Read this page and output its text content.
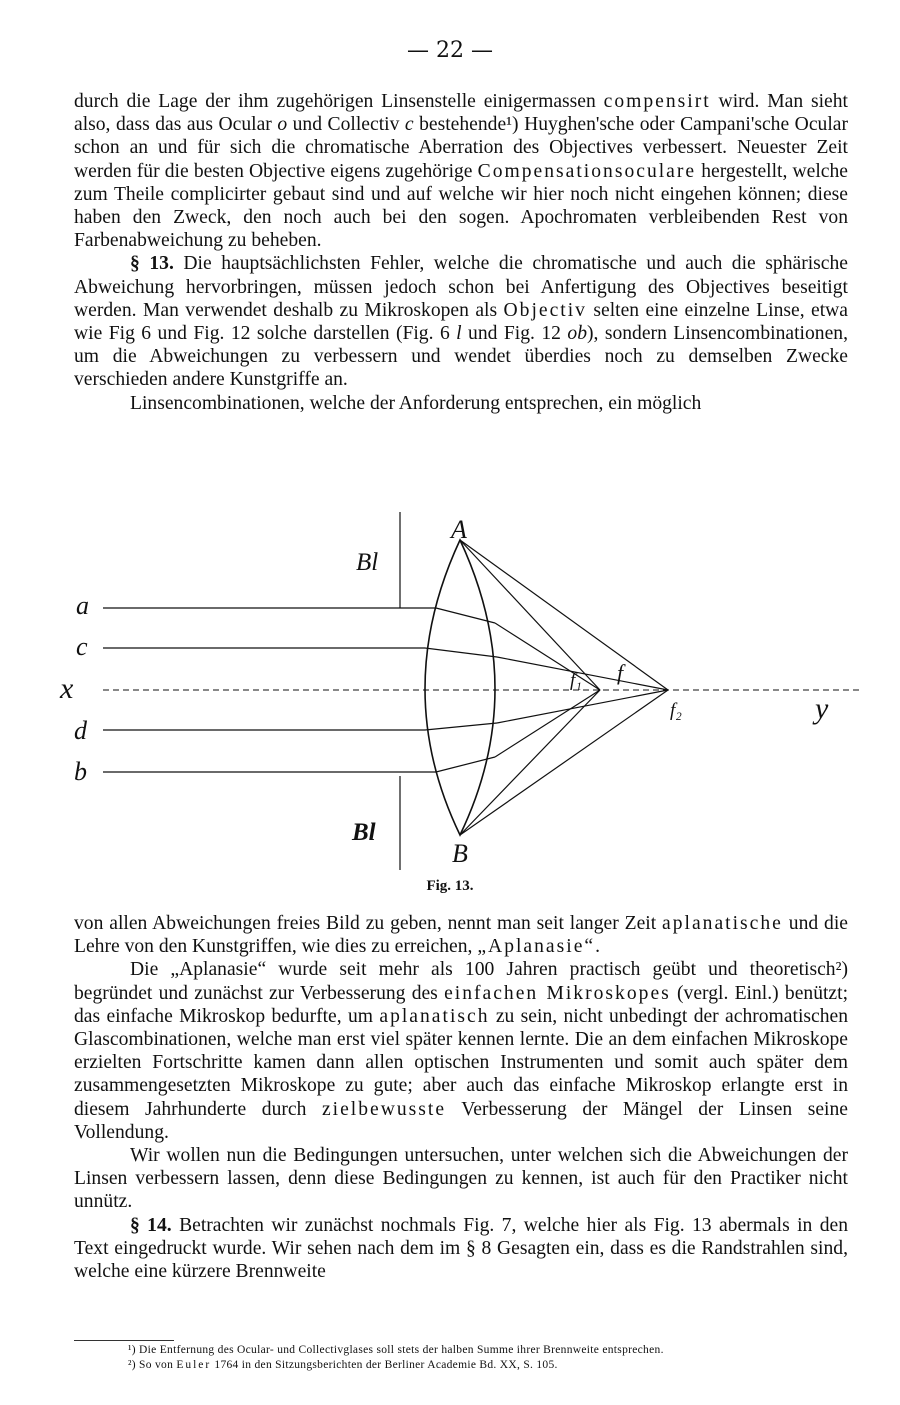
— 22 —

durch die Lage der ihm zugehörigen Linsenstelle einigermassen compensirt wird. Man sieht also, dass das aus Ocular o und Collectiv c bestehende¹) Huyghen'sche oder Campani'sche Ocular schon an und für sich die chromatische Aberration des Objectives verbessert. Neuester Zeit werden für die besten Objective eigens zugehörige Compensationsoculare hergestellt, welche zum Theile complicirter gebaut sind und auf welche wir hier noch nicht eingehen können; diese haben den Zweck, den noch auch bei den sogen. Apochromaten verbleibenden Rest von Farbenabweichung zu beheben.

§ 13. Die hauptsächlichsten Fehler, welche die chromatische und auch die sphärische Abweichung hervorbringen, müssen jedoch schon bei Anfertigung des Objectives beseitigt werden. Man verwendet deshalb zu Mikroskopen als Objectiv selten eine einzelne Linse, etwa wie Fig 6 und Fig. 12 solche darstellen (Fig. 6 l und Fig. 12 ob), sondern Linsencombinationen, um die Abweichungen zu verbessern und wendet überdies noch zu demselben Zwecke verschieden andere Kunstgriffe an.

Linsencombinationen, welche der Anforderung entsprechen, ein möglich

A
B
Bl
Bl
a
c
x
d
b
f₁ f
f₂	y
Fig. 13.

von allen Abweichungen freies Bild zu geben, nennt man seit langer Zeit aplanatische und die Lehre von den Kunstgriffen, wie dies zu erreichen, „Aplanasie“.

Die „Aplanasie“ wurde seit mehr als 100 Jahren practisch geübt und theoretisch²) begründet und zunächst zur Verbesserung des einfachen Mikroskopes (vergl. Einl.) benützt; das einfache Mikroskop bedurfte, um aplanatisch zu sein, nicht unbedingt der achromatischen Glascombinationen, welche man erst viel später kennen lernte. Die an dem einfachen Mikroskope erzielten Fortschritte kamen dann allen optischen Instrumenten und somit auch später dem zusammengesetzten Mikroskope zu gute; aber auch das einfache Mikroskop erlangte erst in diesem Jahrhunderte durch zielbewusste Verbesserung der Mängel der Linsen seine Vollendung.

Wir wollen nun die Bedingungen untersuchen, unter welchen sich die Abweichungen der Linsen verbessern lassen, denn diese Bedingungen zu kennen, ist auch für den Practiker nicht unnütz.

§ 14. Betrachten wir zunächst nochmals Fig. 7, welche hier als Fig. 13 abermals in den Text eingedruckt wurde. Wir sehen nach dem im § 8 Gesagten ein, dass es die Randstrahlen sind, welche eine kürzere Brennweite

¹) Die Entfernung des Ocular- und Collectivglases soll stets der halben Summe ihrer Brennweite entsprechen.

²) So von Euler 1764 in den Sitzungsberichten der Berliner Academie Bd. XX, S. 105.
